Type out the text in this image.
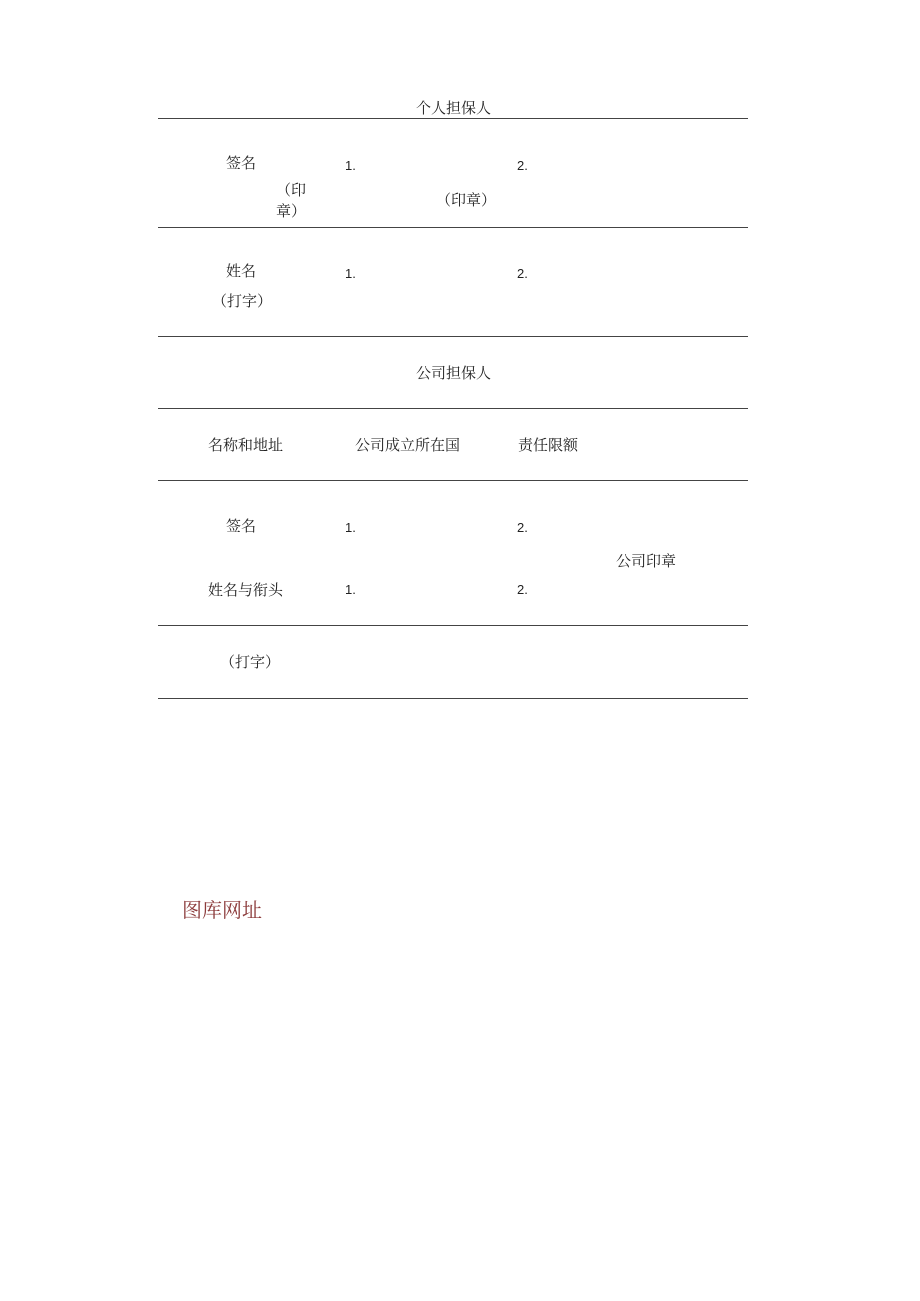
个人担保人
签名	1.	2.
（印
章）
（印章）
姓名	1.	2.
（打字）
公司担保人
名称和地址	公司成立所在国	责任限额
签名	1.	2.
公司印章
姓名与衔头	1.	2.
（打字）
图库网址
